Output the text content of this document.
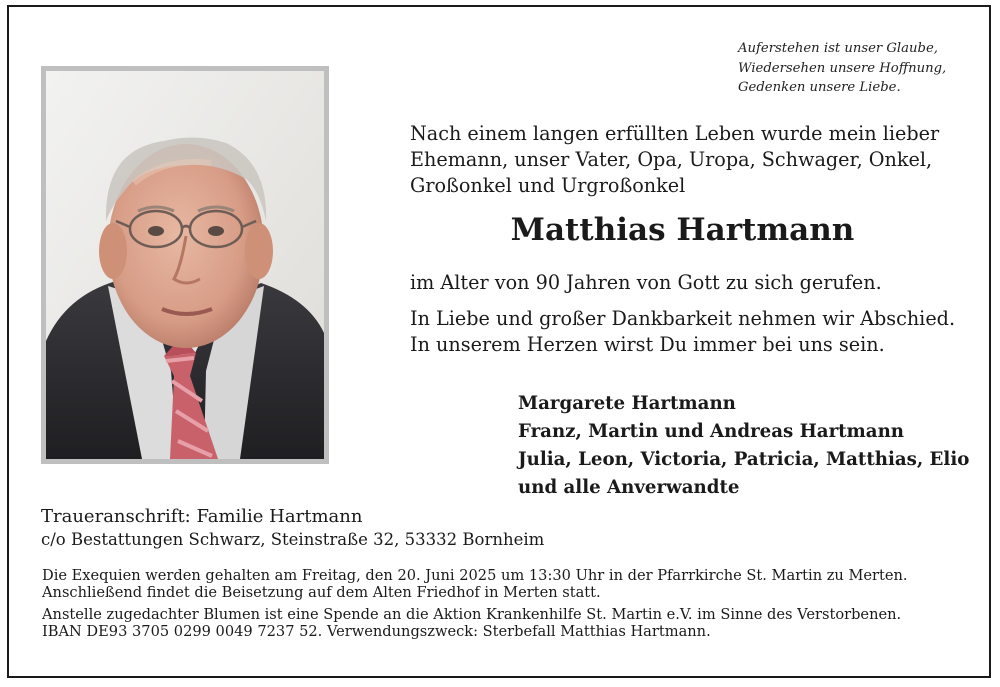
Auferstehen ist unser Glaube,
Wiedersehen unsere Hoffnung,
Gedenken unsere Liebe.
Nach einem langen erfüllten Leben wurde mein lieber
Ehemann, unser Vater, Opa, Uropa, Schwager, Onkel,
Großonkel und Urgroßonkel
Matthias Hartmann
im Alter von 90 Jahren von Gott zu sich gerufen.
In Liebe und großer Dankbarkeit nehmen wir Abschied.
In unserem Herzen wirst Du immer bei uns sein.
Margarete Hartmann
Franz, Martin und Andreas Hartmann
Julia, Leon, Victoria, Patricia, Matthias, Elio
und alle Anverwandte
Traueranschrift: Familie Hartmann
c/o Bestattungen Schwarz, Steinstraße 32, 53332 Bornheim
Die Exequien werden gehalten am Freitag, den 20. Juni 2025 um 13:30 Uhr in der Pfarrkirche St. Martin zu Merten.
Anschließend findet die Beisetzung auf dem Alten Friedhof in Merten statt.
Anstelle zugedachter Blumen ist eine Spende an die Aktion Krankenhilfe St. Martin e.V. im Sinne des Verstorbenen.
IBAN DE93 3705 0299 0049 7237 52. Verwendungszweck: Sterbefall Matthias Hartmann.
